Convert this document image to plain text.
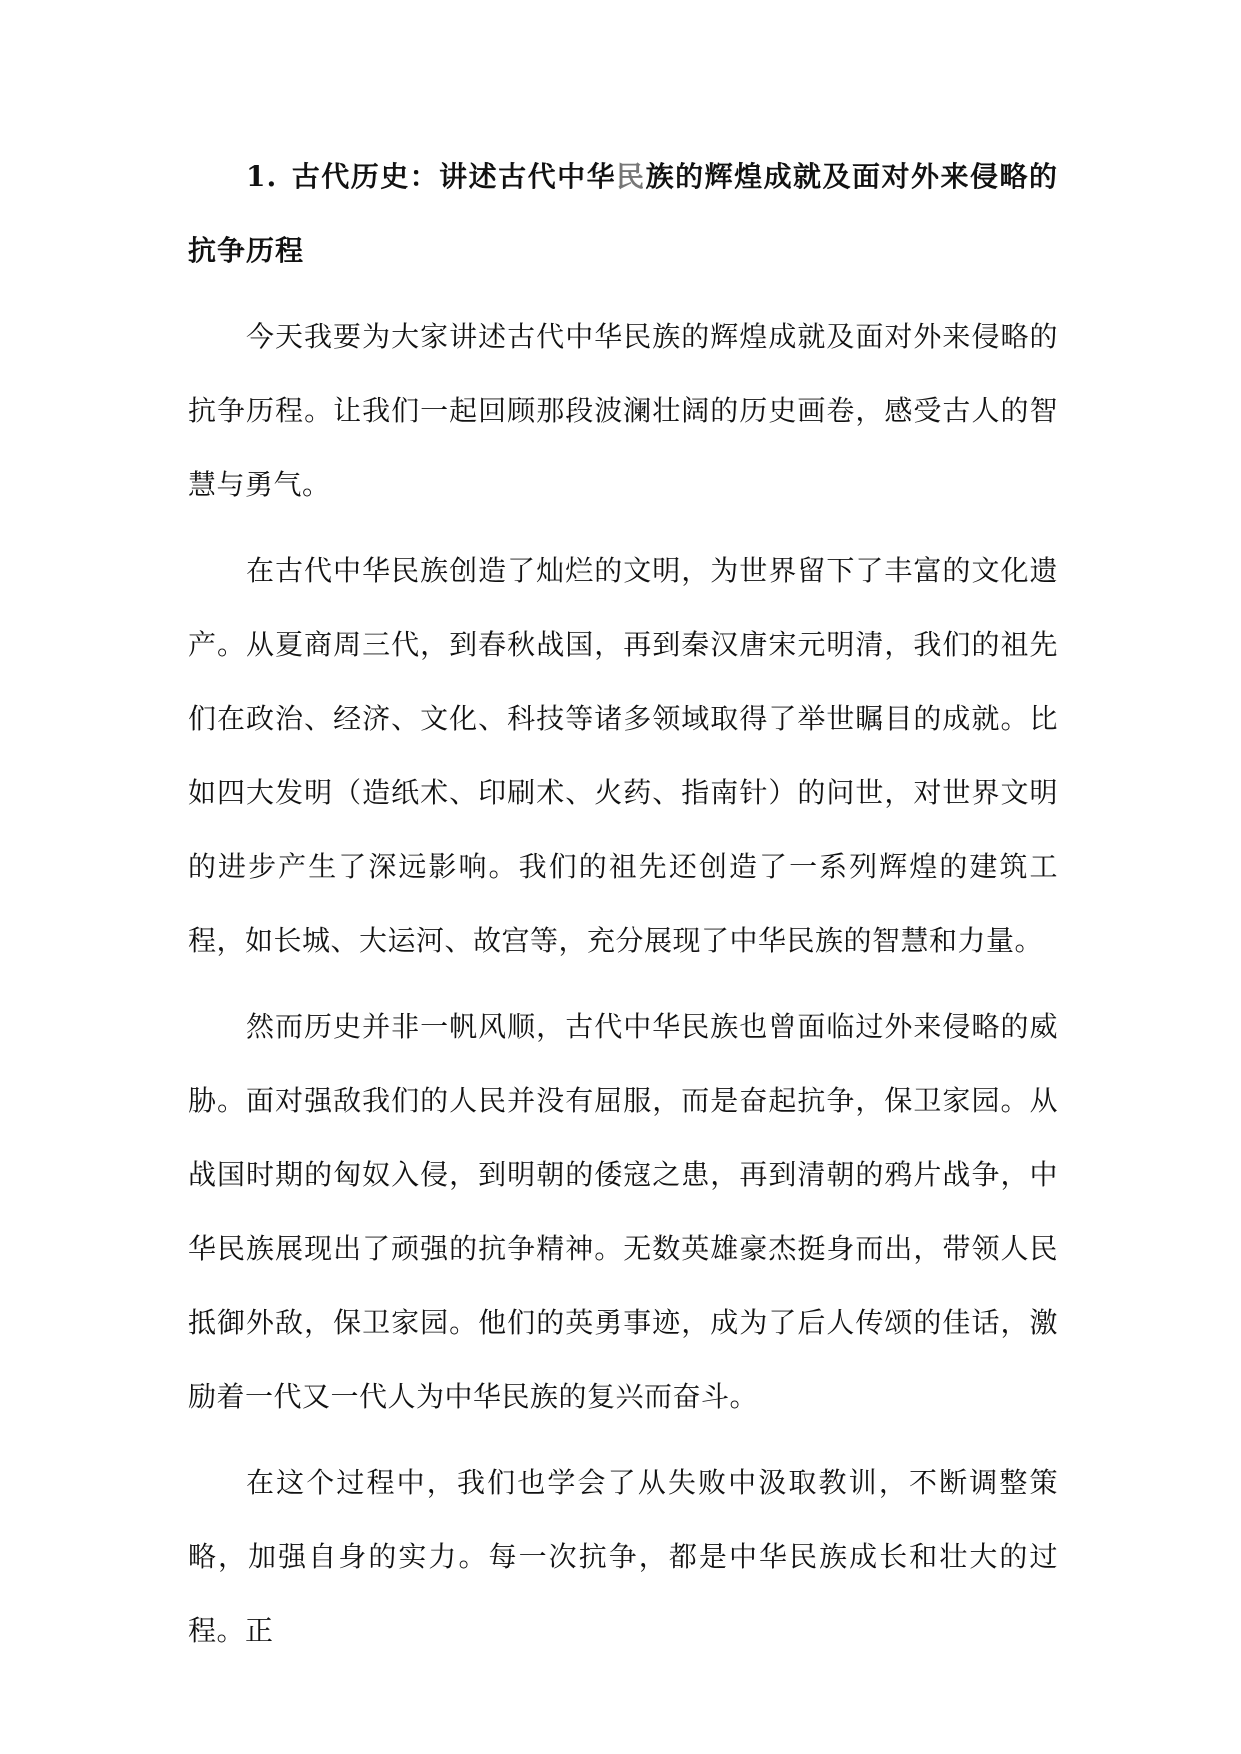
1. 古代历史：讲述古代中华民族的辉煌成就及面对外来侵略的抗争历程

今天我要为大家讲述古代中华民族的辉煌成就及面对外来侵略的抗争历程。让我们一起回顾那段波澜壮阔的历史画卷，感受古人的智慧与勇气。

在古代中华民族创造了灿烂的文明，为世界留下了丰富的文化遗产。从夏商周三代，到春秋战国，再到秦汉唐宋元明清，我们的祖先们在政治、经济、文化、科技等诸多领域取得了举世瞩目的成就。比如四大发明（造纸术、印刷术、火药、指南针）的问世，对世界文明的进步产生了深远影响。我们的祖先还创造了一系列辉煌的建筑工程，如长城、大运河、故宫等，充分展现了中华民族的智慧和力量。

然而历史并非一帆风顺，古代中华民族也曾面临过外来侵略的威胁。面对强敌我们的人民并没有屈服，而是奋起抗争，保卫家园。从战国时期的匈奴入侵，到明朝的倭寇之患，再到清朝的鸦片战争，中华民族展现出了顽强的抗争精神。无数英雄豪杰挺身而出，带领人民抵御外敌，保卫家园。他们的英勇事迹，成为了后人传颂的佳话，激励着一代又一代人为中华民族的复兴而奋斗。

在这个过程中，我们也学会了从失败中汲取教训，不断调整策略，加强自身的实力。每一次抗争，都是中华民族成长和壮大的过程。正
